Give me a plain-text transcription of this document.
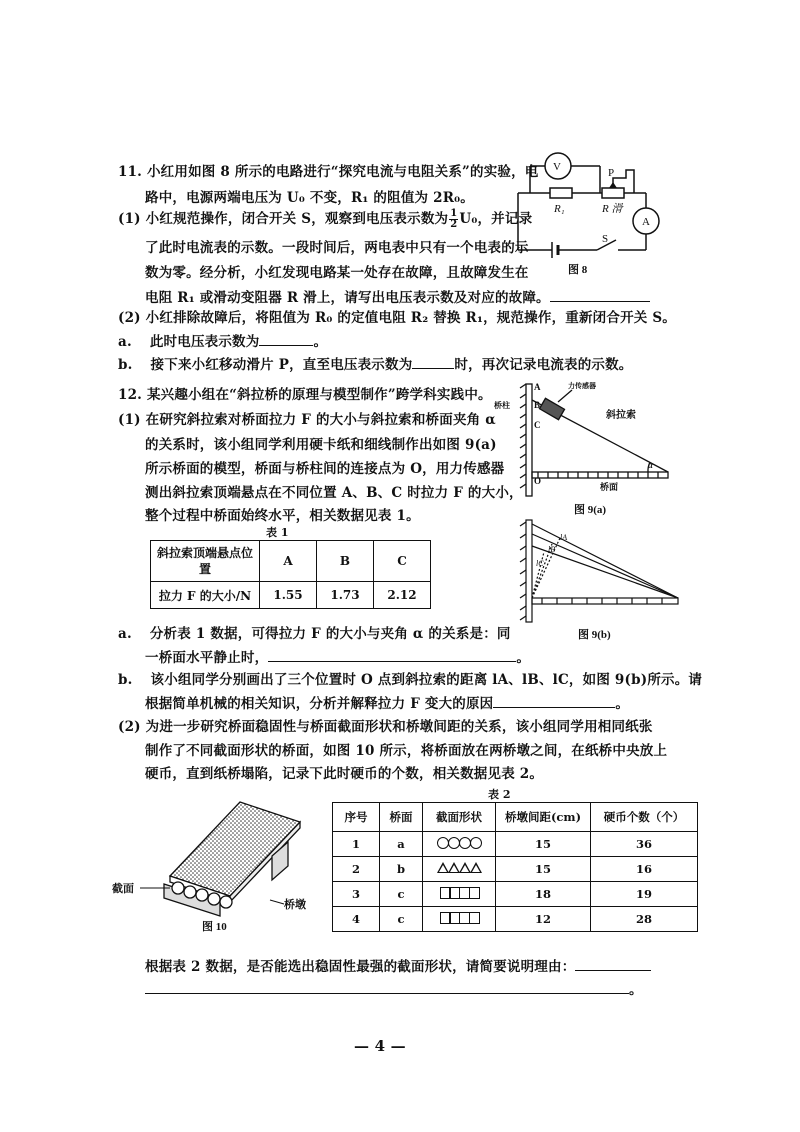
11. 小红用如图 8 所示的电路进行“探究电流与电阻关系”的实验，电
路中，电源两端电压为 U₀ 不变，R₁ 的阻值为 2R₀。
(1) 小红规范操作，闭合开关 S，观察到电压表示数为 $\frac{1}{2} U_0$，并记录
了此时电流表的示数。一段时间后，两电表中只有一个电表的示
数为零。经分析，小红发现电路某一处存在故障，且故障发生在
电阻 R₁ 或滑动变阻器 R 滑上，请写出电压表示数及对应的故障。
(2) 小红排除故障后，将阻值为 R₀ 的定值电阻 R₂ 替换 R₁，规范操作，重新闭合开关 S。
a. 此时电压表示数为	。
b. 接下来小红移动滑片 P，直至电压表示数为	时，再次记录电流表的示数。
V
A
R₁	R 滑
P
S
图 8
12. 某兴趣小组在“斜拉桥的原理与模型制作”跨学科实践中。
(1) 在研究斜拉索对桥面拉力 F 的大小与斜拉索和桥面夹角 α
的关系时，该小组同学利用硬卡纸和细线制作出如图 9(a)
所示桥面的模型，桥面与桥柱间的连接点为 O，用力传感器
测出斜拉索顶端悬点在不同位置 A、B、C 时拉力 F 的大小，
整个过程中桥面始终水平，相关数据见表 1。
表 1
斜拉索顶端悬点位置	A	B	C
拉力 F 的大小/N	1.55	1.73	2.12
A
B
C
力传感器
桥柱
斜拉索
α
O
桥面
图 9(a)
lA
lB
lC
图 9(b)
a. 分析表 1 数据，可得拉力 F 的大小与夹角 α 的关系是：同
一桥面水平静止时，	。
b. 该小组同学分别画出了三个位置时 O 点到斜拉索的距离 lA、lB、lC，如图 9(b)所示。请
根据简单机械的相关知识，分析并解释拉力 F 变大的原因	。
(2) 为进一步研究桥面稳固性与桥面截面形状和桥墩间距的关系，该小组同学用相同纸张
制作了不同截面形状的桥面，如图 10 所示，将桥面放在两桥墩之间，在纸桥中央放上
硬币，直到纸桥塌陷，记录下此时硬币的个数，相关数据见表 2。
截面
桥墩
图 10
表 2
序号	桥面	截面形状	桥墩间距(cm)	硬币个数（个）
1	a		15	36
2	b		15	16
3	c		18	19
4	c		12	28
根据表 2 数据，是否能选出稳固性最强的截面形状，请简要说明理由：
。
— 4 —
